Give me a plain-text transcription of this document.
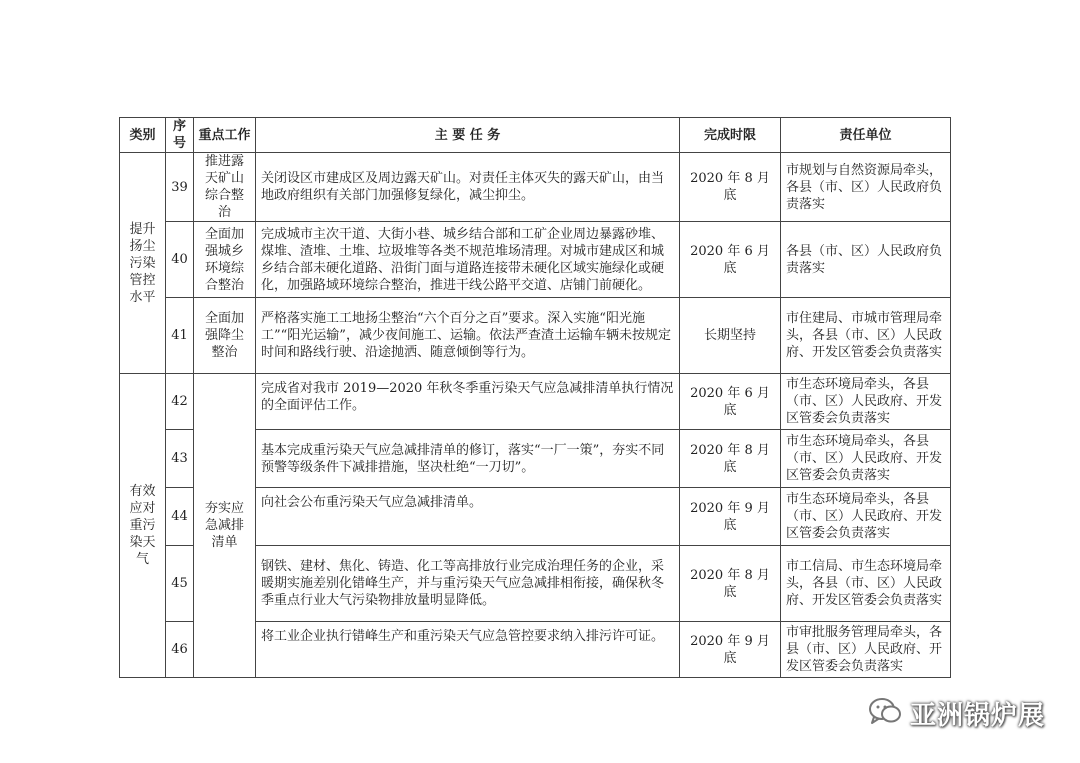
类别	序号	重点工作	主 要 任 务	完成时限	责任单位
提升扬尘污染管控水平	39	推进露天矿山综合整治	关闭设区市建成区及周边露天矿山。对责任主体灭失的露天矿山，由当地政府组织有关部门加强修复绿化，减尘抑尘。	2020 年 8 月底	市规划与自然资源局牵头，各县（市、区）人民政府负责落实
	40	全面加强城乡环境综合整治	完成城市主次干道、大街小巷、城乡结合部和工矿企业周边暴露砂堆、煤堆、渣堆、土堆、垃圾堆等各类不规范堆场清理。对城市建成区和城乡结合部未硬化道路、沿街门面与道路连接带未硬化区域实施绿化或硬化，加强路域环境综合整治，推进干线公路平交道、店铺门前硬化。	2020 年 6 月底	各县（市、区）人民政府负责落实
	41	全面加强降尘整治	严格落实施工工地扬尘整治“六个百分之百”要求。深入实施“阳光施工”“阳光运输”，减少夜间施工、运输。依法严查渣土运输车辆未按规定时间和路线行驶、沿途抛洒、随意倾倒等行为。	长期坚持	市住建局、市城市管理局牵头，各县（市、区）人民政府、开发区管委会负责落实
有效应对重污染天气	42	夯实应急减排清单	完成省对我市 2019—2020 年秋冬季重污染天气应急减排清单执行情况的全面评估工作。	2020 年 6 月底	市生态环境局牵头，各县（市、区）人民政府、开发区管委会负责落实
	43		基本完成重污染天气应急减排清单的修订，落实“一厂一策”，夯实不同预警等级条件下减排措施，坚决杜绝“一刀切”。	2020 年 8 月底	市生态环境局牵头，各县（市、区）人民政府、开发区管委会负责落实
	44		向社会公布重污染天气应急减排清单。	2020 年 9 月底	市生态环境局牵头，各县（市、区）人民政府、开发区管委会负责落实
	45		钢铁、建材、焦化、铸造、化工等高排放行业完成治理任务的企业，采暖期实施差别化错峰生产，并与重污染天气应急减排相衔接，确保秋冬季重点行业大气污染物排放量明显降低。	2020 年 8 月底	市工信局、市生态环境局牵头，各县（市、区）人民政府、开发区管委会负责落实
	46		将工业企业执行错峰生产和重污染天气应急管控要求纳入排污许可证。	2020 年 9 月底	市审批服务管理局牵头，各县（市、区）人民政府、开发区管委会负责落实
亚洲锅炉展
